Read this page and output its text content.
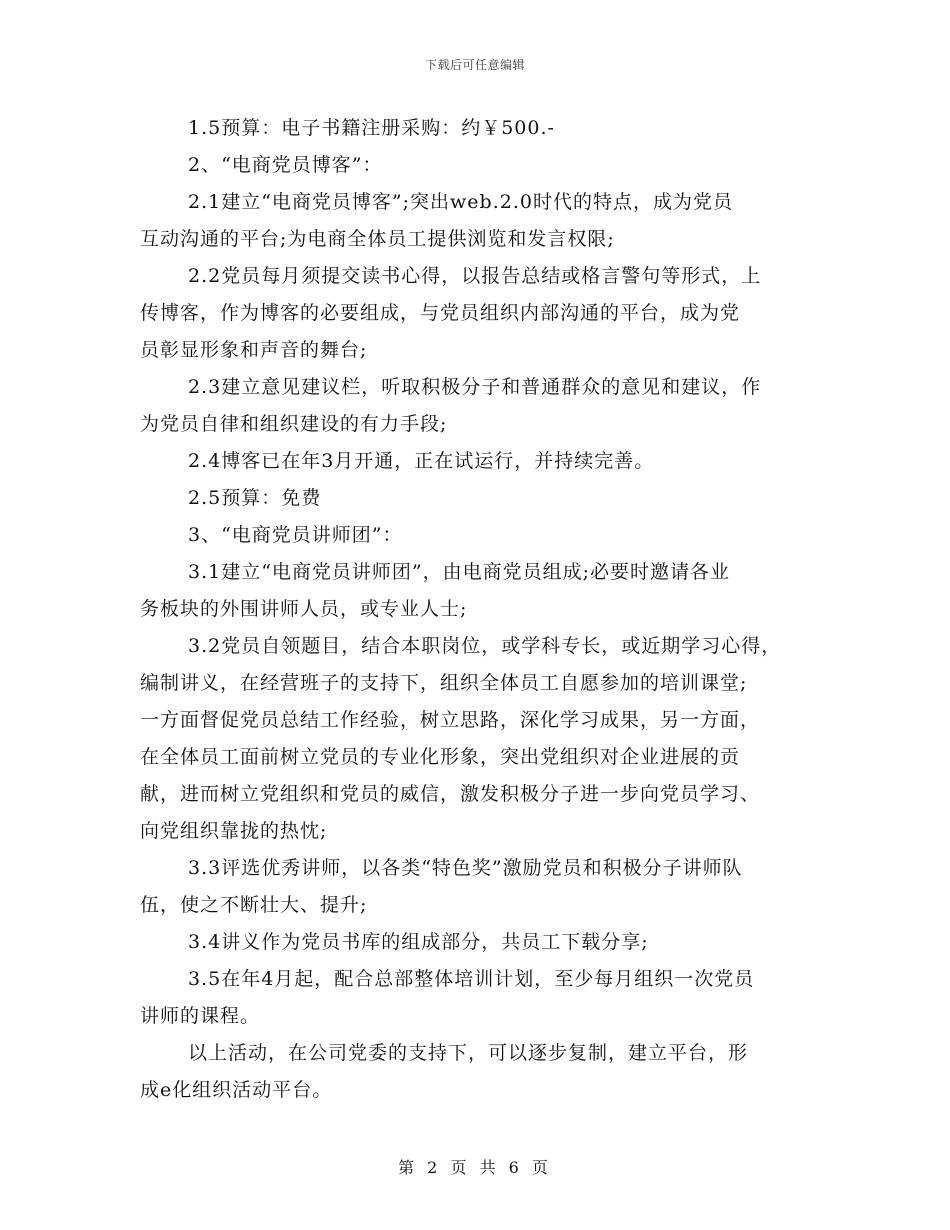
下载后可任意编辑
1.5预算：电子书籍注册采购：约￥500.-
2、“电商党员博客”：
2.1建立“电商党员博客”;突出web.2.0时代的特点，成为党员
互动沟通的平台;为电商全体员工提供浏览和发言权限;
2.2党员每月须提交读书心得，以报告总结或格言警句等形式，上
传博客，作为博客的必要组成，与党员组织内部沟通的平台，成为党
员彰显形象和声音的舞台;
2.3建立意见建议栏，听取积极分子和普通群众的意见和建议，作
为党员自律和组织建设的有力手段;
2.4博客已在年3月开通，正在试运行，并持续完善。
2.5预算：免费
3、“电商党员讲师团”：
3.1建立“电商党员讲师团”，由电商党员组成;必要时邀请各业
务板块的外围讲师人员，或专业人士;
3.2党员自领题目，结合本职岗位，或学科专长，或近期学习心得，
编制讲义，在经营班子的支持下，组织全体员工自愿参加的培训课堂;
一方面督促党员总结工作经验，树立思路，深化学习成果，另一方面，
在全体员工面前树立党员的专业化形象，突出党组织对企业进展的贡
献，进而树立党组织和党员的威信，激发积极分子进一步向党员学习、
向党组织靠拢的热忱;
3.3评选优秀讲师，以各类“特色奖”激励党员和积极分子讲师队
伍，使之不断壮大、提升;
3.4讲义作为党员书库的组成部分，共员工下载分享;
3.5在年4月起，配合总部整体培训计划，至少每月组织一次党员
讲师的课程。
以上活动，在公司党委的支持下，可以逐步复制，建立平台，形
成e化组织活动平台。
第 2 页 共 6 页
